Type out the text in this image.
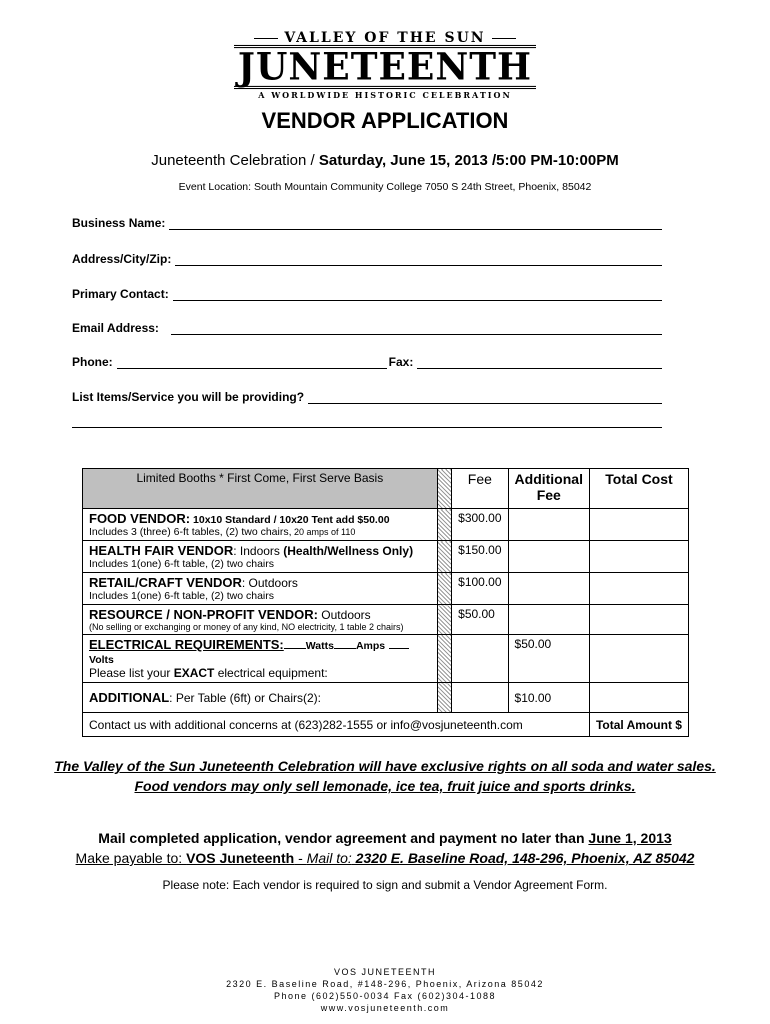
VALLEY OF THE SUN
JUNETEENTH
A WORLDWIDE HISTORIC CELEBRATION
VENDOR APPLICATION
Juneteenth Celebration / Saturday, June 15, 2013 /5:00 PM-10:00PM
Event Location: South Mountain Community College 7050 S 24th Street, Phoenix, 85042
Business Name:
Address/City/Zip:
Primary Contact:
Email Address:
Phone:	Fax:
List Items/Service you will be providing?
Limited Booths * First Come, First Serve Basis		Fee	Additional Fee	Total Cost

FOOD VENDOR: 10x10 Standard / 10x20 Tent add $50.00
Includes 3 (three) 6-ft tables, (2) two chairs, 20 amps of 110		$300.00		

HEALTH FAIR VENDOR: Indoors (Health/Wellness Only)
Includes 1(one) 6-ft table, (2) two chairs		$150.00		

RETAIL/CRAFT VENDOR: Outdoors
Includes 1(one) 6-ft table, (2) two chairs		$100.00		

RESOURCE / NON-PROFIT VENDOR: Outdoors
(No selling or exchanging or money of any kind, NO electricity, 1 table 2 chairs)		$50.00		

ELECTRICAL REQUIREMENTS: Watts AmpsVolts
Please list your EXACT electrical equipment:			$50.00	
ADDITIONAL: Per Table (6ft) or Chairs(2):			$10.00	
Contact us with additional concerns at (623)282-1555 or info@vosjuneteenth.com				Total Amount $
The Valley of the Sun Juneteenth Celebration will have exclusive rights on all soda and water sales.
Food vendors may only sell lemonade, ice tea, fruit juice and sports drinks.
Mail completed application, vendor agreement and payment no later than June 1, 2013
Make payable to: VOS Juneteenth - Mail to: 2320 E. Baseline Road, 148-296, Phoenix, AZ 85042
Please note: Each vendor is required to sign and submit a Vendor Agreement Form.
VOS JUNETEENTH
2320 E. Baseline Road, #148-296, Phoenix, Arizona 85042
Phone (602)550-0034 Fax (602)304-1088
www.vosjuneteenth.com
